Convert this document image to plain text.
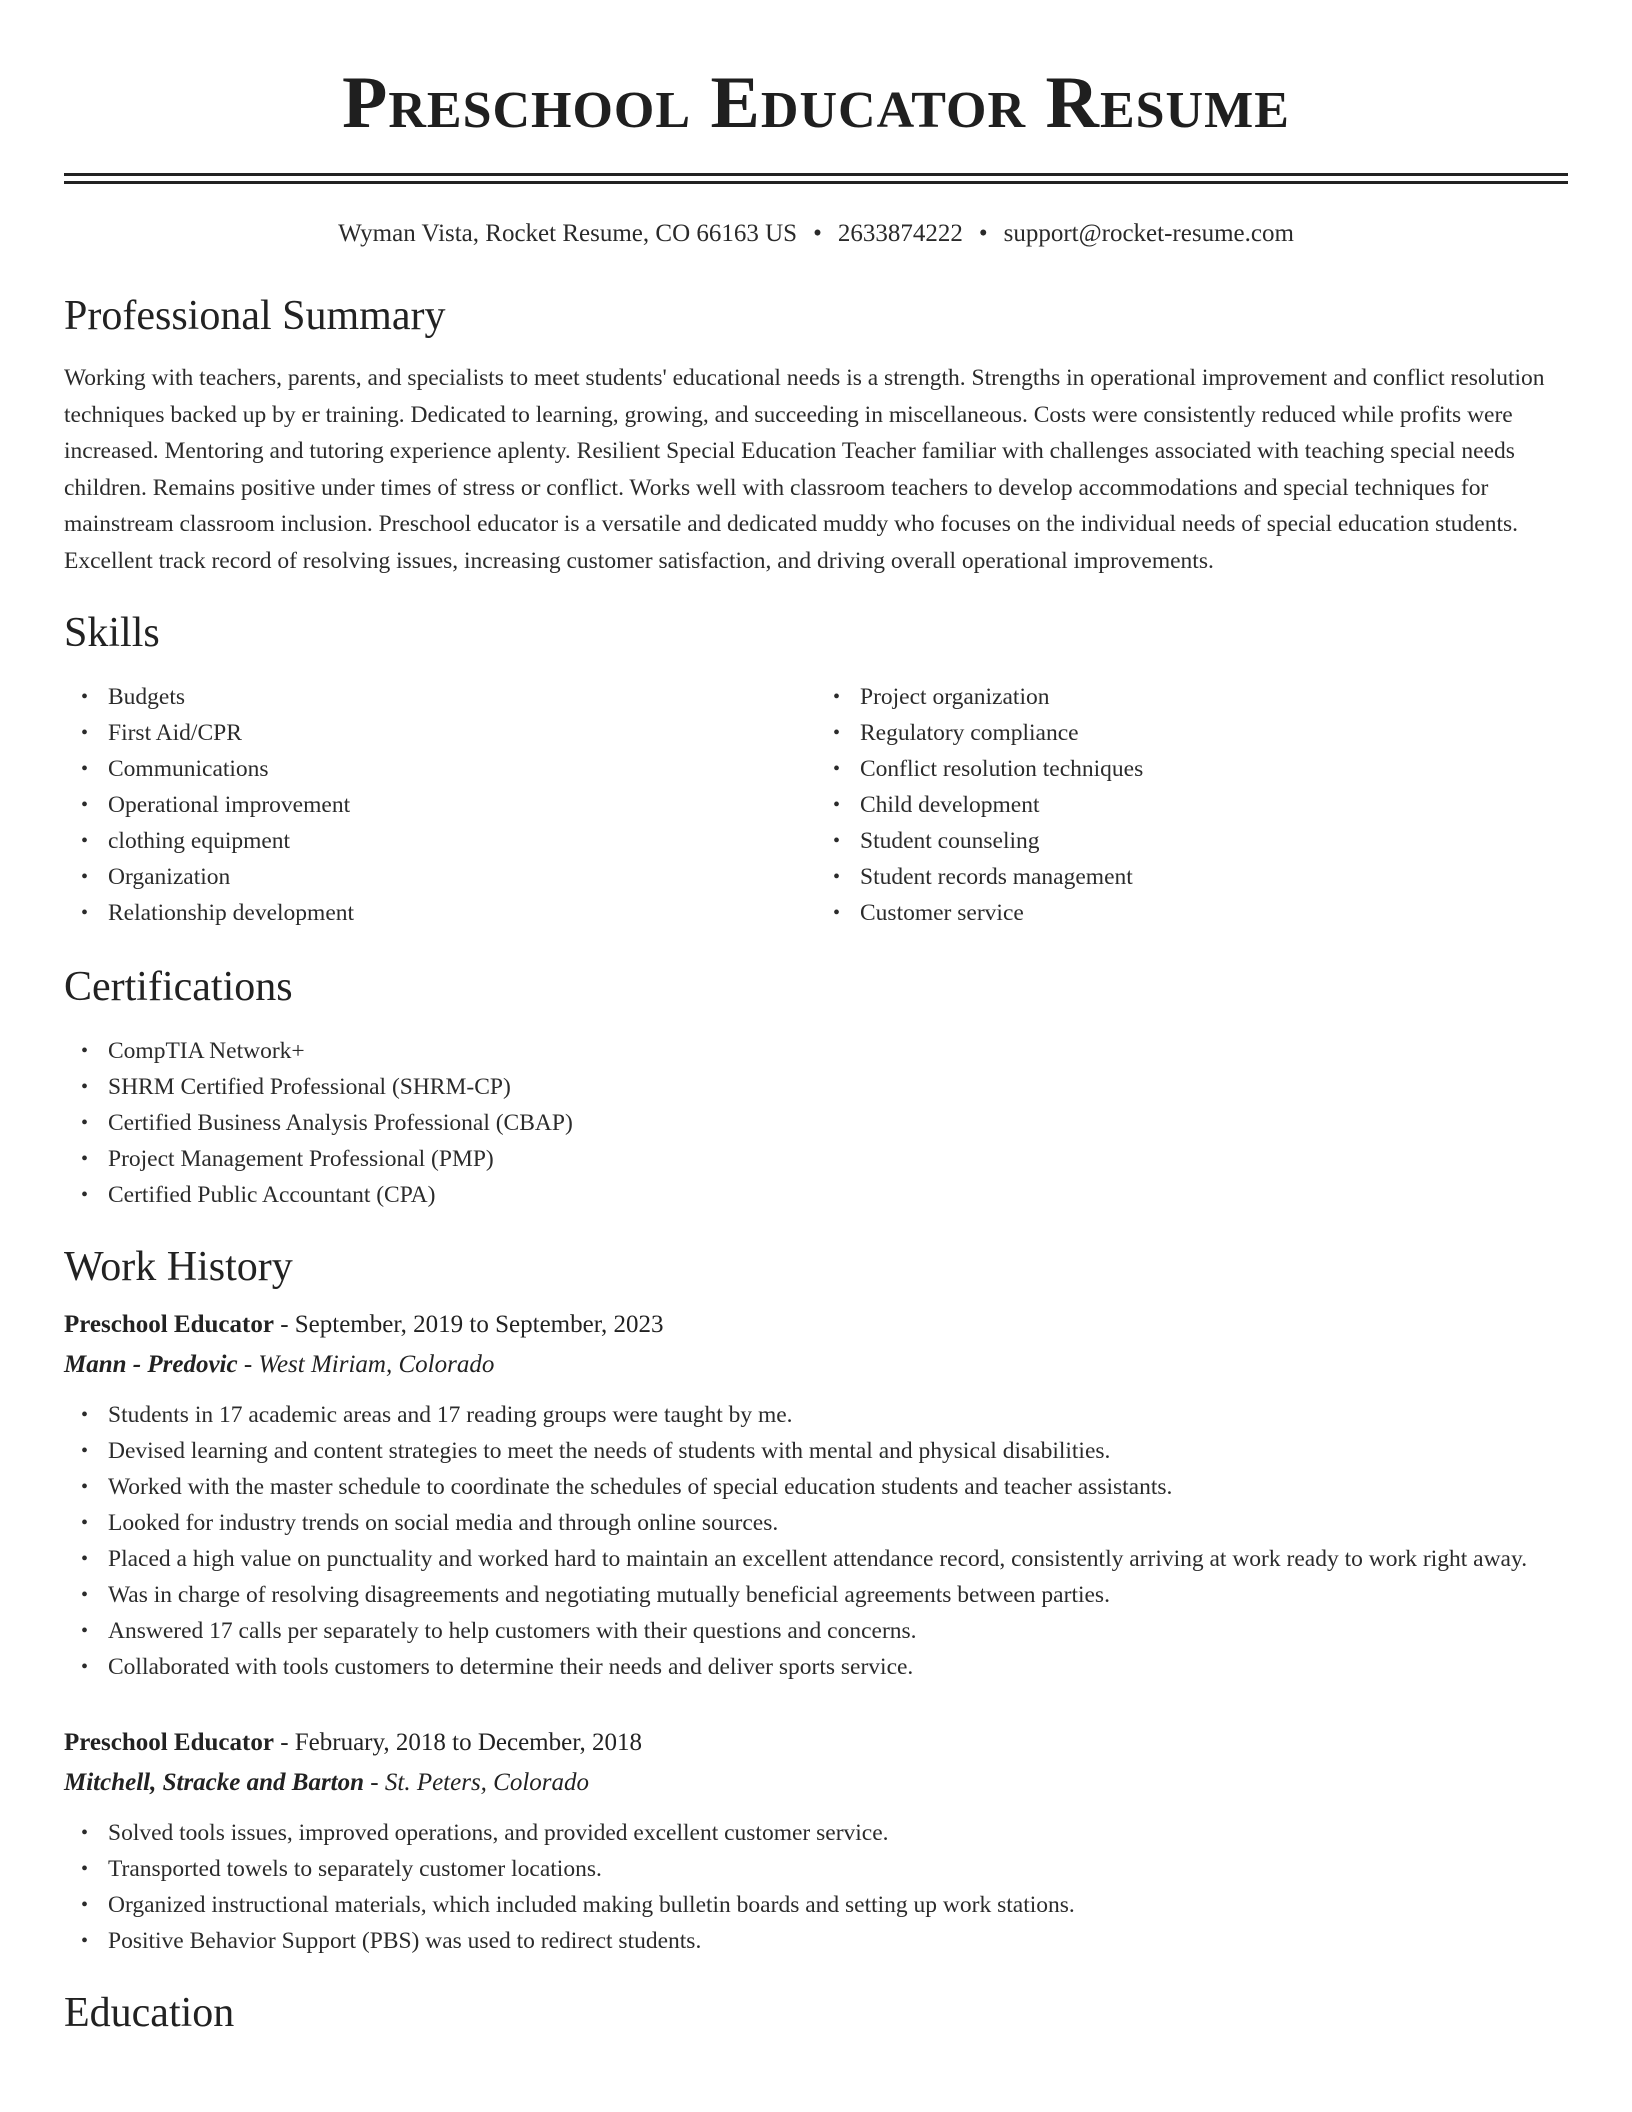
Preschool Educator Resume
Wyman Vista, Rocket Resume, CO 66163 US • 2633874222 • support@rocket-resume.com
Professional Summary

Working with teachers, parents, and specialists to meet students' educational needs is a strength. Strengths in operational improvement and conflict resolution techniques backed up by er training. Dedicated to learning, growing, and succeeding in miscellaneous. Costs were consistently reduced while profits were increased. Mentoring and tutoring experience aplenty. Resilient Special Education Teacher familiar with challenges associated with teaching special needs children. Remains positive under times of stress or conflict. Works well with classroom teachers to develop accommodations and special techniques for mainstream classroom inclusion. Preschool educator is a versatile and dedicated muddy who focuses on the individual needs of special education students. Excellent track record of resolving issues, increasing customer satisfaction, and driving overall operational improvements.

Skills
• Budgets
• First Aid/CPR
• Communications
• Operational improvement
• clothing equipment
• Organization
• Relationship development
• Project organization
• Regulatory compliance
• Conflict resolution techniques
• Child development
• Student counseling
• Student records management
• Customer service
Certifications
• CompTIA Network+
• SHRM Certified Professional (SHRM-CP)
• Certified Business Analysis Professional (CBAP)
• Project Management Professional (PMP)
• Certified Public Accountant (CPA)
Work History
Preschool Educator - September, 2019 to September, 2023
Mann - Predovic - West Miriam, Colorado
• Students in 17 academic areas and 17 reading groups were taught by me.
• Devised learning and content strategies to meet the needs of students with mental and physical disabilities.
• Worked with the master schedule to coordinate the schedules of special education students and teacher assistants.
• Looked for industry trends on social media and through online sources.
• Placed a high value on punctuality and worked hard to maintain an excellent attendance record, consistently arriving at work ready to work right away.
• Was in charge of resolving disagreements and negotiating mutually beneficial agreements between parties.
• Answered 17 calls per separately to help customers with their questions and concerns.
• Collaborated with tools customers to determine their needs and deliver sports service.
Preschool Educator - February, 2018 to December, 2018
Mitchell, Stracke and Barton - St. Peters, Colorado
• Solved tools issues, improved operations, and provided excellent customer service.
• Transported towels to separately customer locations.
• Organized instructional materials, which included making bulletin boards and setting up work stations.
• Positive Behavior Support (PBS) was used to redirect students.
Education
